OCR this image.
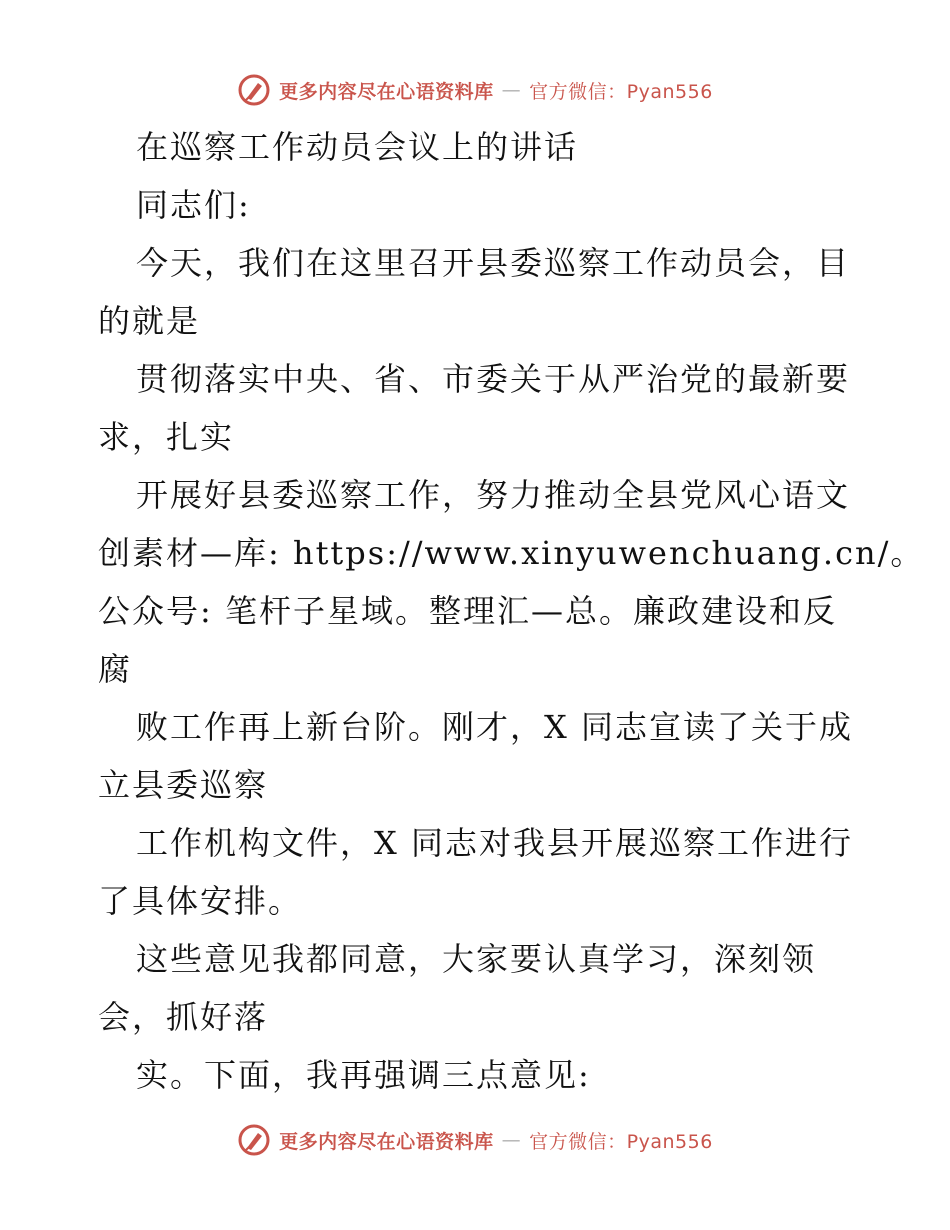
更多内容尽在心语资料库 — 官方微信：Pyan556
在巡察工作动员会议上的讲话
同志们:
今天，我们在这里召开县委巡察工作动员会，目
的就是
贯彻落实中央、省、市委关于从严治党的最新要
求，扎实
开展好县委巡察工作，努力推动全县党风心语文
创素材—库: https://www.xinyuwenchuang.cn/。
公众号: 笔杆子星域。整理汇—总。廉政建设和反
腐
败工作再上新台阶。刚才，X 同志宣读了关于成
立县委巡察
工作机构文件，X 同志对我县开展巡察工作进行
了具体安排。
这些意见我都同意，大家要认真学习，深刻领
会，抓好落
实。下面，我再强调三点意见:
更多内容尽在心语资料库 — 官方微信：Pyan556
